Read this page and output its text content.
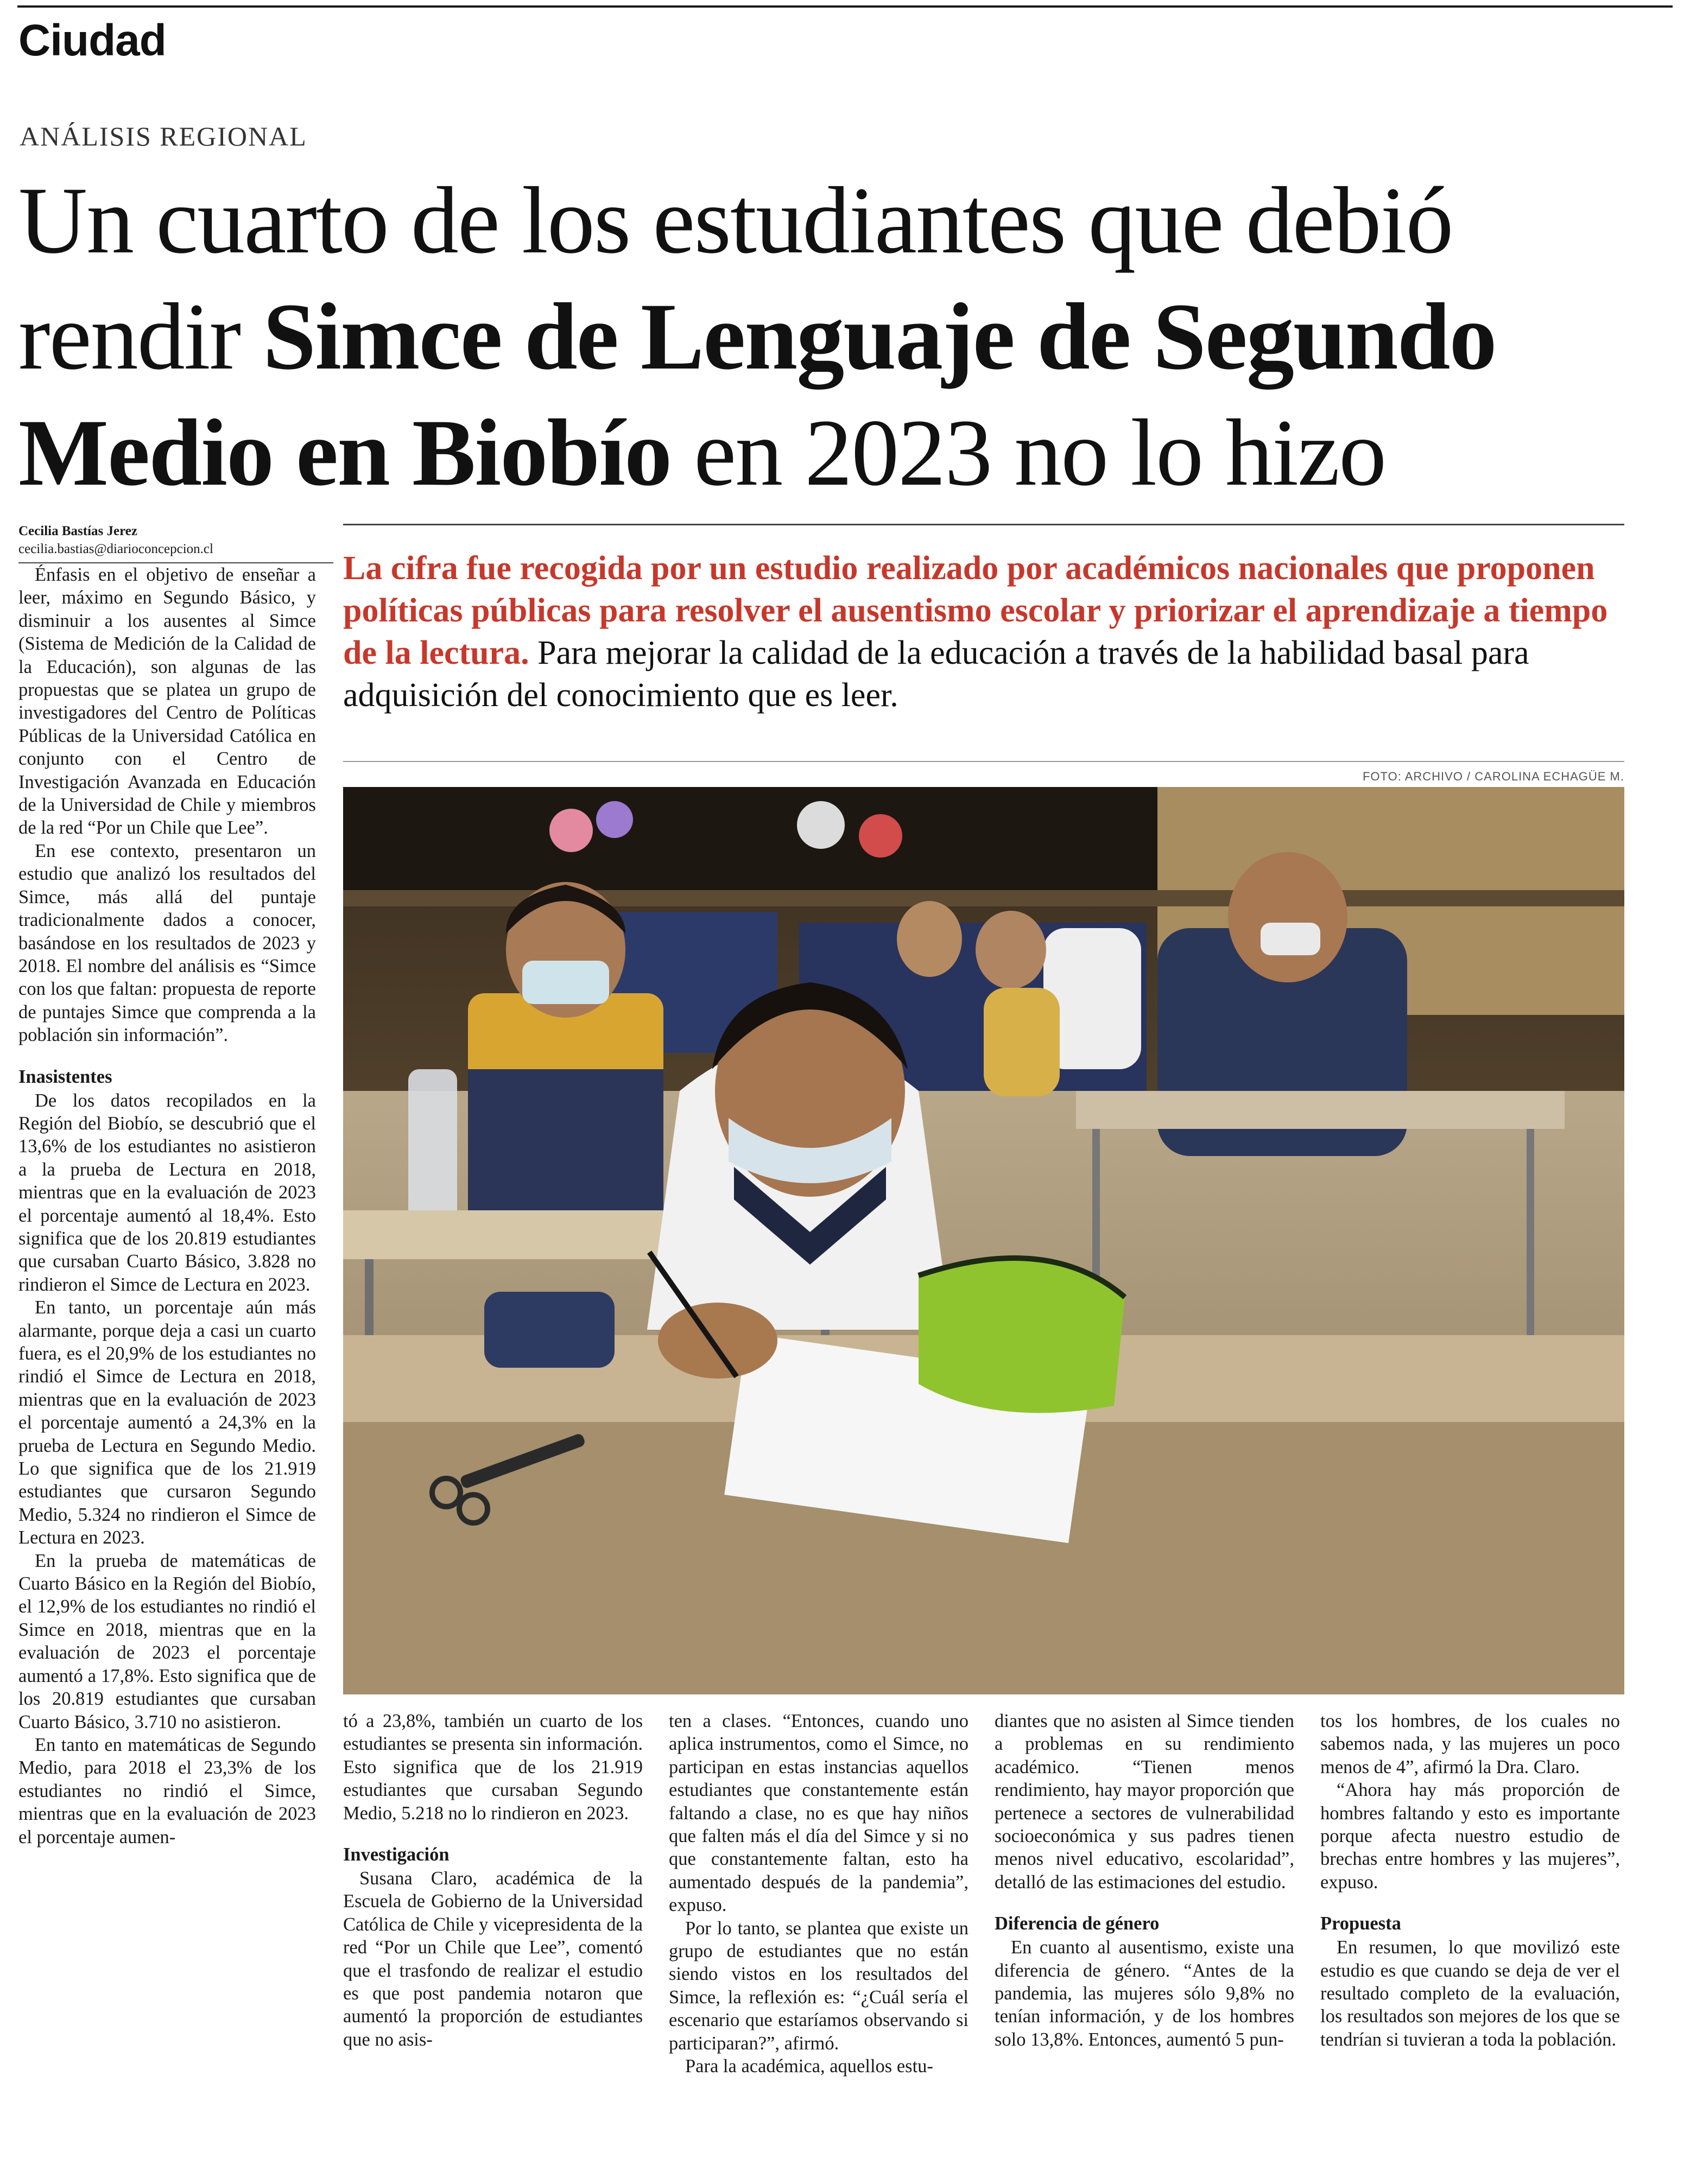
Ciudad
ANÁLISIS REGIONAL
Un cuarto de los estudiantes que debió
rendir Simce de Lenguaje de Segundo
Medio en Biobío en 2023 no lo hizo
Cecilia Bastías Jerez
cecilia.bastias@diarioconcepcion.cl
La cifra fue recogida por un estudio realizado por académicos nacionales que proponen políticas públicas para resolver el ausentismo escolar y priorizar el aprendizaje a tiempo de la lectura. Para mejorar la calidad de la educación a través de la habilidad basal para adquisición del conocimiento que es leer.
FOTO: ARCHIVO / CAROLINA ECHAGÜE M.

Énfasis en el objetivo de enseñar a leer, máximo en Segundo Básico, y disminuir a los ausentes al Simce (Sistema de Medición de la Calidad de la Educación), son algunas de las propuestas que se platea un grupo de investigadores del Centro de Políticas Públicas de la Universidad Católica en conjunto con el Centro de Investigación Avanzada en Educación de la Universidad de Chile y miembros de la red “Por un Chile que Lee”.

En ese contexto, presentaron un estudio que analizó los resultados del Simce, más allá del puntaje tradicionalmente dados a conocer, basándose en los resultados de 2023 y 2018. El nombre del análisis es “Simce con los que faltan: propuesta de reporte de puntajes Simce que comprenda a la población sin información”.

Inasistentes

De los datos recopilados en la Región del Biobío, se descubrió que el 13,6% de los estudiantes no asistieron a la prueba de Lectura en 2018, mientras que en la evaluación de 2023 el porcentaje aumentó al 18,4%. Esto significa que de los 20.819 estudiantes que cursaban Cuarto Básico, 3.828 no rindieron el Simce de Lectura en 2023.

En tanto, un porcentaje aún más alarmante, porque deja a casi un cuarto fuera, es el 20,9% de los estudiantes no rindió el Simce de Lectura en 2018, mientras que en la evaluación de 2023 el porcentaje aumentó a 24,3% en la prueba de Lectura en Segundo Medio. Lo que significa que de los 21.919 estudiantes que cursaron Segundo Medio, 5.324 no rindieron el Simce de Lectura en 2023.

En la prueba de matemáticas de Cuarto Básico en la Región del Biobío, el 12,9% de los estudiantes no rindió el Simce en 2018, mientras que en la evaluación de 2023 el porcentaje aumentó a 17,8%. Esto significa que de los 20.819 estudiantes que cursaban Cuarto Básico, 3.710 no asistieron.

En tanto en matemáticas de Segundo Medio, para 2018 el 23,3% de los estudiantes no rindió el Simce, mientras que en la evaluación de 2023 el porcentaje aumen-

tó a 23,8%, también un cuarto de los estudiantes se presenta sin información. Esto significa que de los 21.919 estudiantes que cursaban Segundo Medio, 5.218 no lo rindieron en 2023.

Investigación

Susana Claro, académica de la Escuela de Gobierno de la Universidad Católica de Chile y vicepresidenta de la red “Por un Chile que Lee”, comentó que el trasfondo de realizar el estudio es que post pandemia notaron que aumentó la proporción de estudiantes que no asis-

ten a clases. “Entonces, cuando uno aplica instrumentos, como el Simce, no participan en estas instancias aquellos estudiantes que constantemente están faltando a clase, no es que hay niños que falten más el día del Simce y si no que constantemente faltan, esto ha aumentado después de la pandemia”, expuso.

Por lo tanto, se plantea que existe un grupo de estudiantes que no están siendo vistos en los resultados del Simce, la reflexión es: “¿Cuál sería el escenario que estaríamos observando si participaran?”, afirmó.

Para la académica, aquellos estu-

diantes que no asisten al Simce tienden a problemas en su rendimiento académico. “Tienen menos rendimiento, hay mayor proporción que pertenece a sectores de vulnerabilidad socioeconómica y sus padres tienen menos nivel educativo, escolaridad”, detalló de las estimaciones del estudio.

Diferencia de género

En cuanto al ausentismo, existe una diferencia de género. “Antes de la pandemia, las mujeres sólo 9,8% no tenían información, y de los hombres solo 13,8%. Entonces, aumentó 5 pun-

tos los hombres, de los cuales no sabemos nada, y las mujeres un poco menos de 4”, afirmó la Dra. Claro.

“Ahora hay más proporción de hombres faltando y esto es importante porque afecta nuestro estudio de brechas entre hombres y las mujeres”, expuso.

Propuesta

En resumen, lo que movilizó este estudio es que cuando se deja de ver el resultado completo de la evaluación, los resultados son mejores de los que se tendrían si tuvieran a toda la población.
